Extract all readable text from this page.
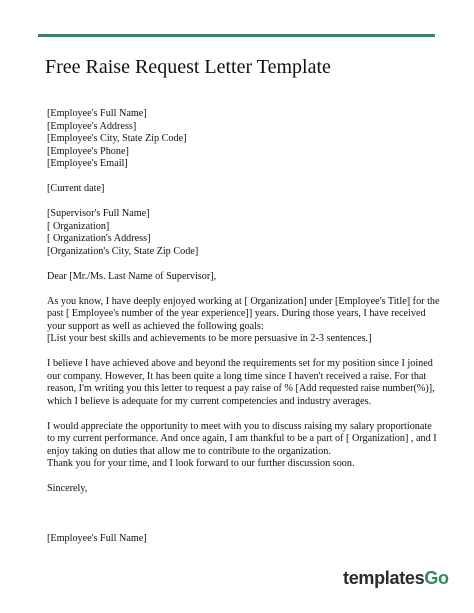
Free Raise Request Letter Template
[Employee's Full Name]
[Employee's Address]
[Employee's City, State Zip Code]
[Employee's Phone]
[Employee's Email]
[Current date]
[Supervisor's Full Name]
[ Organization]
[ Organization's Address]
[Organization's City, State Zip Code]
Dear [Mr./Ms. Last Name of Supervisor],

As you know, I have deeply enjoyed working at [ Organization] under [Employee's Title] for the past [ Employee's number of the year experience]] years. During those years, I have received your support as well as achieved the following goals:

[List your best skills and achievements to be more persuasive in 2-3 sentences.]

I believe I have achieved above and beyond the requirements set for my position since I joined our company. However, It has been quite a long time since I haven't received a raise. For that reason, I'm writing you this letter to request a pay raise of % [Add requested raise number(%)], which I believe is adequate for my current competencies and industry averages.

I would appreciate the opportunity to meet with you to discuss raising my salary proportionate to my current performance. And once again, I am thankful to be a part of [ Organization] , and I enjoy taking on duties that allow me to contribute to the organization.

Thank you for your time, and I look forward to our further discussion soon.

Sincerely,
[Employee's Full Name]
templatesGo
